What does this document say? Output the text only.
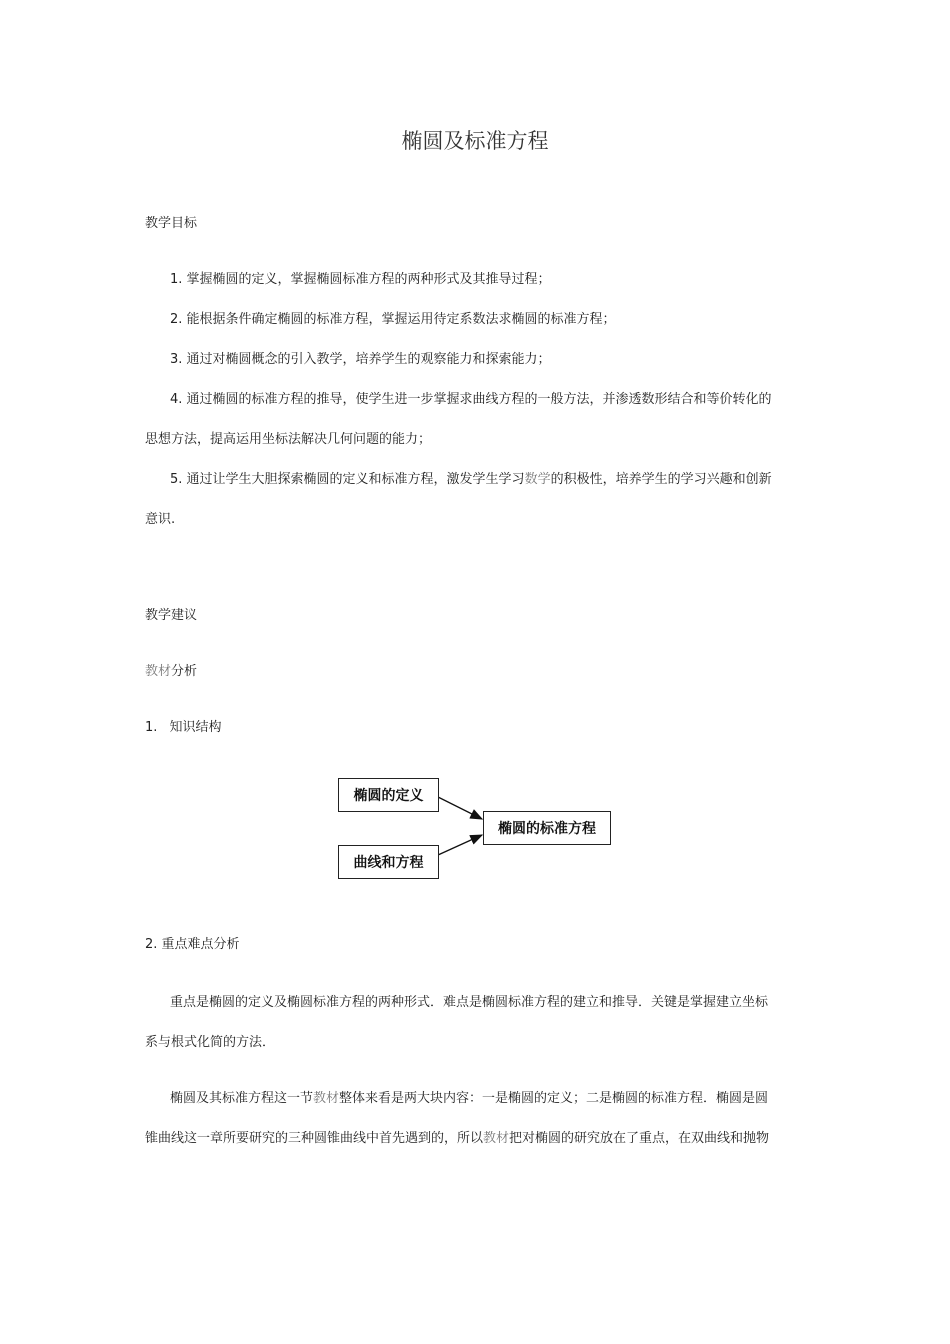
椭圆及标准方程
教学目标
1. 掌握椭圆的定义，掌握椭圆标准方程的两种形式及其推导过程；
2. 能根据条件确定椭圆的标准方程，掌握运用待定系数法求椭圆的标准方程；
3. 通过对椭圆概念的引入教学，培养学生的观察能力和探索能力；
4. 通过椭圆的标准方程的推导，使学生进一步掌握求曲线方程的一般方法，并渗透数形结合和等价转化的
思想方法，提高运用坐标法解决几何问题的能力；
5. 通过让学生大胆探索椭圆的定义和标准方程，激发学生学习数学的积极性，培养学生的学习兴趣和创新
意识.
教学建议
教材分析
1. 知识结构
椭圆的定义
曲线和方程
椭圆的标准方程
2. 重点难点分析
重点是椭圆的定义及椭圆标准方程的两种形式．难点是椭圆标准方程的建立和推导．关键是掌握建立坐标
系与根式化简的方法．
椭圆及其标准方程这一节教材整体来看是两大块内容：一是椭圆的定义；二是椭圆的标准方程．椭圆是圆
锥曲线这一章所要研究的三种圆锥曲线中首先遇到的，所以教材把对椭圆的研究放在了重点，在双曲线和抛物
